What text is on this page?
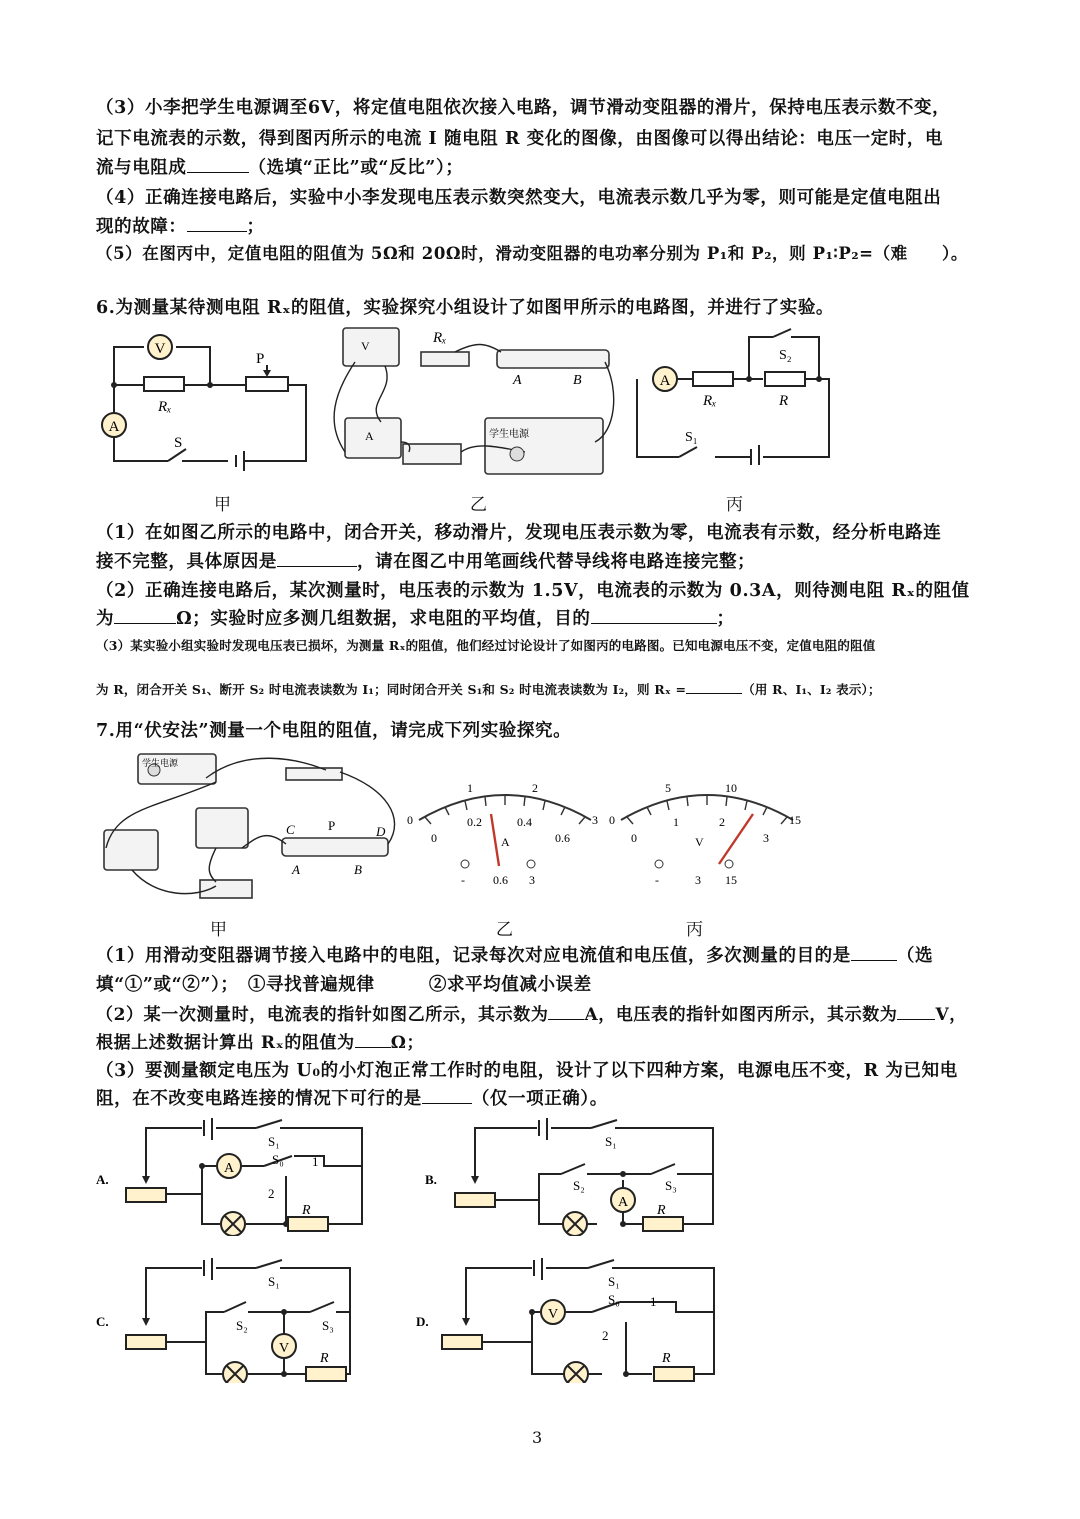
（3）小李把学生电源调至6V，将定值电阻依次接入电路，调节滑动变阻器的滑片，保持电压表示数不变，
记下电流表的示数，得到图丙所示的电流 I 随电阻 R 变化的图像，由图像可以得出结论：电压一定时，电
流与电阻成	（选填“正比”或“反比”）；
（4）正确连接电路后，实验中小李发现电压表示数突然变大，电流表示数几乎为零，则可能是定值电阻出
现的故障：	；
（5）在图丙中，定值电阻的阻值为 5Ω和 20Ω时，滑动变阻器的电功率分别为 P₁和 P₂，则 P₁∶P₂=（难　　）。
6.为测量某待测电阻 Rₓ的阻值，实验探究小组设计了如图甲所示的电路图，并进行了实验。
V
A
P
Rₓ
S
学生电源
Rₓ
A	B
V
A
A
S₂
Rₓ	R
S₁
甲	乙	丙
（1）在如图乙所示的电路中，闭合开关，移动滑片，发现电压表示数为零，电流表有示数，经分析电路连
接不完整，具体原因是	，请在图乙中用笔画线代替导线将电路连接完整；
（2）正确连接电路后，某次测量时，电压表的示数为 1.5V，电流表的示数为 0.3A，则待测电阻 Rₓ的阻值
为	Ω；实验时应多测几组数据，求电阻的平均值，目的	；
（3）某实验小组实验时发现电压表已损坏，为测量 Rₓ的阻值，他们经过讨论设计了如图丙的电路图。已知电源电压不变，定值电阻的阻值
为 R，闭合开关 S₁、断开 S₂ 时电流表读数为 I₁；同时闭合开关 S₁和 S₂ 时电流表读数为 I₂，则 Rₓ =	（用 R、I₁、I₂ 表示）；
7.用“伏安法”测量一个电阻的阻值，请完成下列实验探究。
学生电源
C	P	D
A	B
1	2
0	0.2	0.4	3
0	0.6
A
- 0.6 3
5	10
0	1	2	15
0	3
V
-	3 15
甲	乙	丙
（1）用滑动变阻器调节接入电路中的电阻，记录每次对应电流值和电压值，多次测量的目的是	（选
填“①”或“②”）；　①寻找普遍规律　　　②求平均值减小误差
（2）某一次测量时，电流表的指针如图乙所示，其示数为 A，电压表的指针如图丙所示，其示数为 V，
根据上述数据计算出 Rₓ的阻值为 Ω；
（3）要测量额定电压为 U₀的小灯泡正常工作时的电阻，设计了以下四种方案，电源电压不变，R 为已知电
阻，在不改变电路连接的情况下可行的是	（仅一项正确）。
A.
A
S₁
S₀ 1
2
R
B.
A
S₁
S₂	S₃
R
C.
V
S₁
S₂	S₃
R
D.	V
S₁
S₀ 1
2
R
3
